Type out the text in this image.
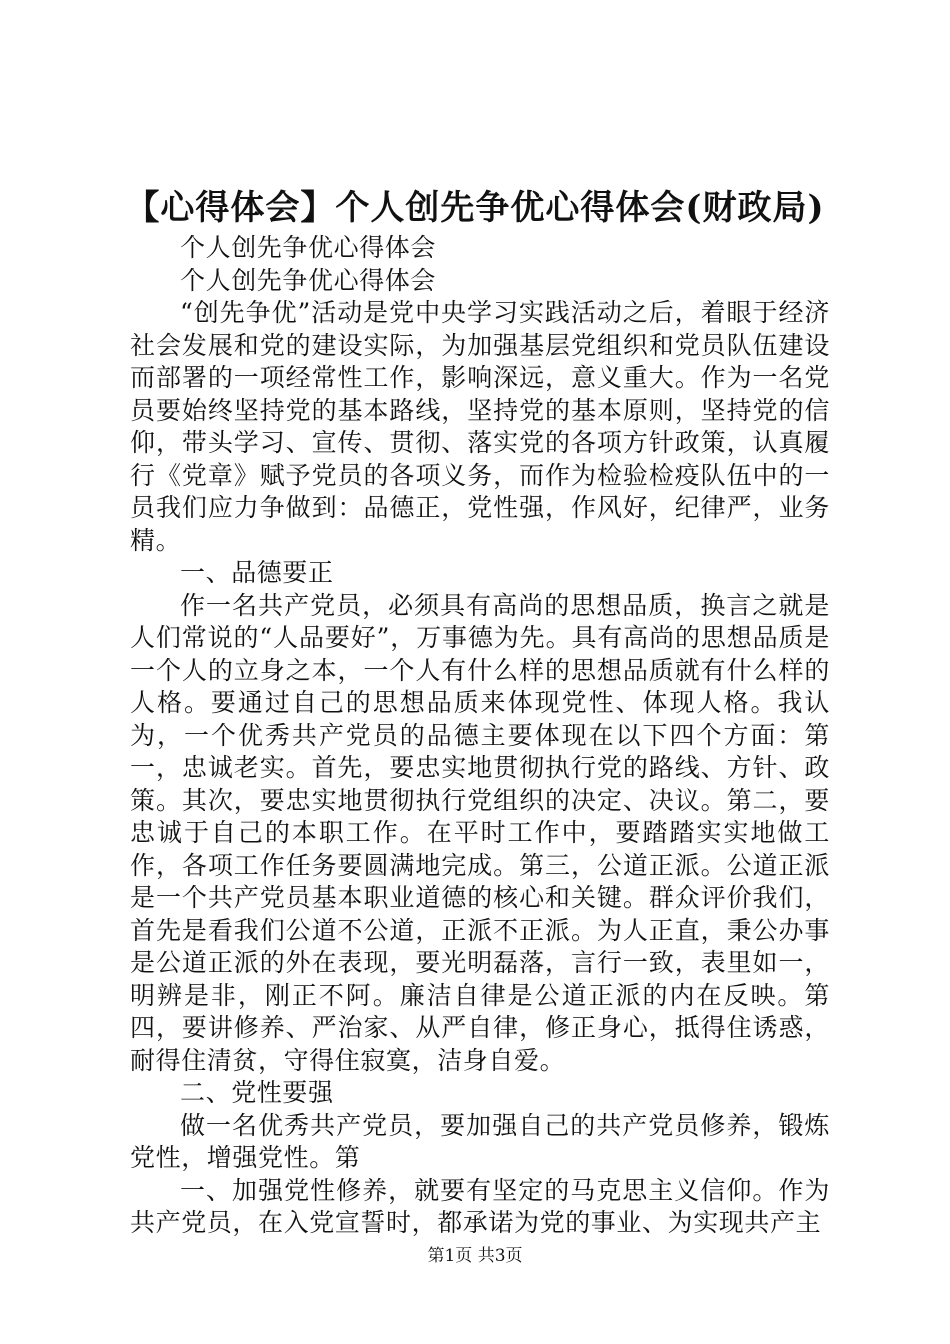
【心得体会】个人创先争优心得体会(财政局)

个人创先争优心得体会

个人创先争优心得体会

“创先争优”活动是党中央学习实践活动之后，着眼于经济社会发展和党的建设实际，为加强基层党组织和党员队伍建设而部署的一项经常性工作，影响深远，意义重大。作为一名党员要始终坚持党的基本路线，坚持党的基本原则，坚持党的信仰，带头学习、宣传、贯彻、落实党的各项方针政策，认真履行《党章》赋予党员的各项义务，而作为检验检疫队伍中的一员我们应力争做到：品德正，党性强，作风好，纪律严，业务精。

一、品德要正

作一名共产党员，必须具有高尚的思想品质，换言之就是人们常说的“人品要好”，万事德为先。具有高尚的思想品质是一个人的立身之本，一个人有什么样的思想品质就有什么样的人格。要通过自己的思想品质来体现党性、体现人格。我认为，一个优秀共产党员的品德主要体现在以下四个方面：第一，忠诚老实。首先，要忠实地贯彻执行党的路线、方针、政策。其次，要忠实地贯彻执行党组织的决定、决议。第二，要忠诚于自己的本职工作。在平时工作中，要踏踏实实地做工作，各项工作任务要圆满地完成。第三，公道正派。公道正派是一个共产党员基本职业道德的核心和关键。群众评价我们，首先是看我们公道不公道，正派不正派。为人正直，秉公办事是公道正派的外在表现，要光明磊落，言行一致，表里如一，明辨是非，刚正不阿。廉洁自律是公道正派的内在反映。第四，要讲修养、严治家、从严自律，修正身心，抵得住诱惑，耐得住清贫，守得住寂寞，洁身自爱。

二、党性要强

做一名优秀共产党员，要加强自己的共产党员修养，锻炼党性，增强党性。第

一、加强党性修养，就要有坚定的马克思主义信仰。作为共产党员，在入党宣誓时，都承诺为党的事业、为实现共产主

第1页 共3页
